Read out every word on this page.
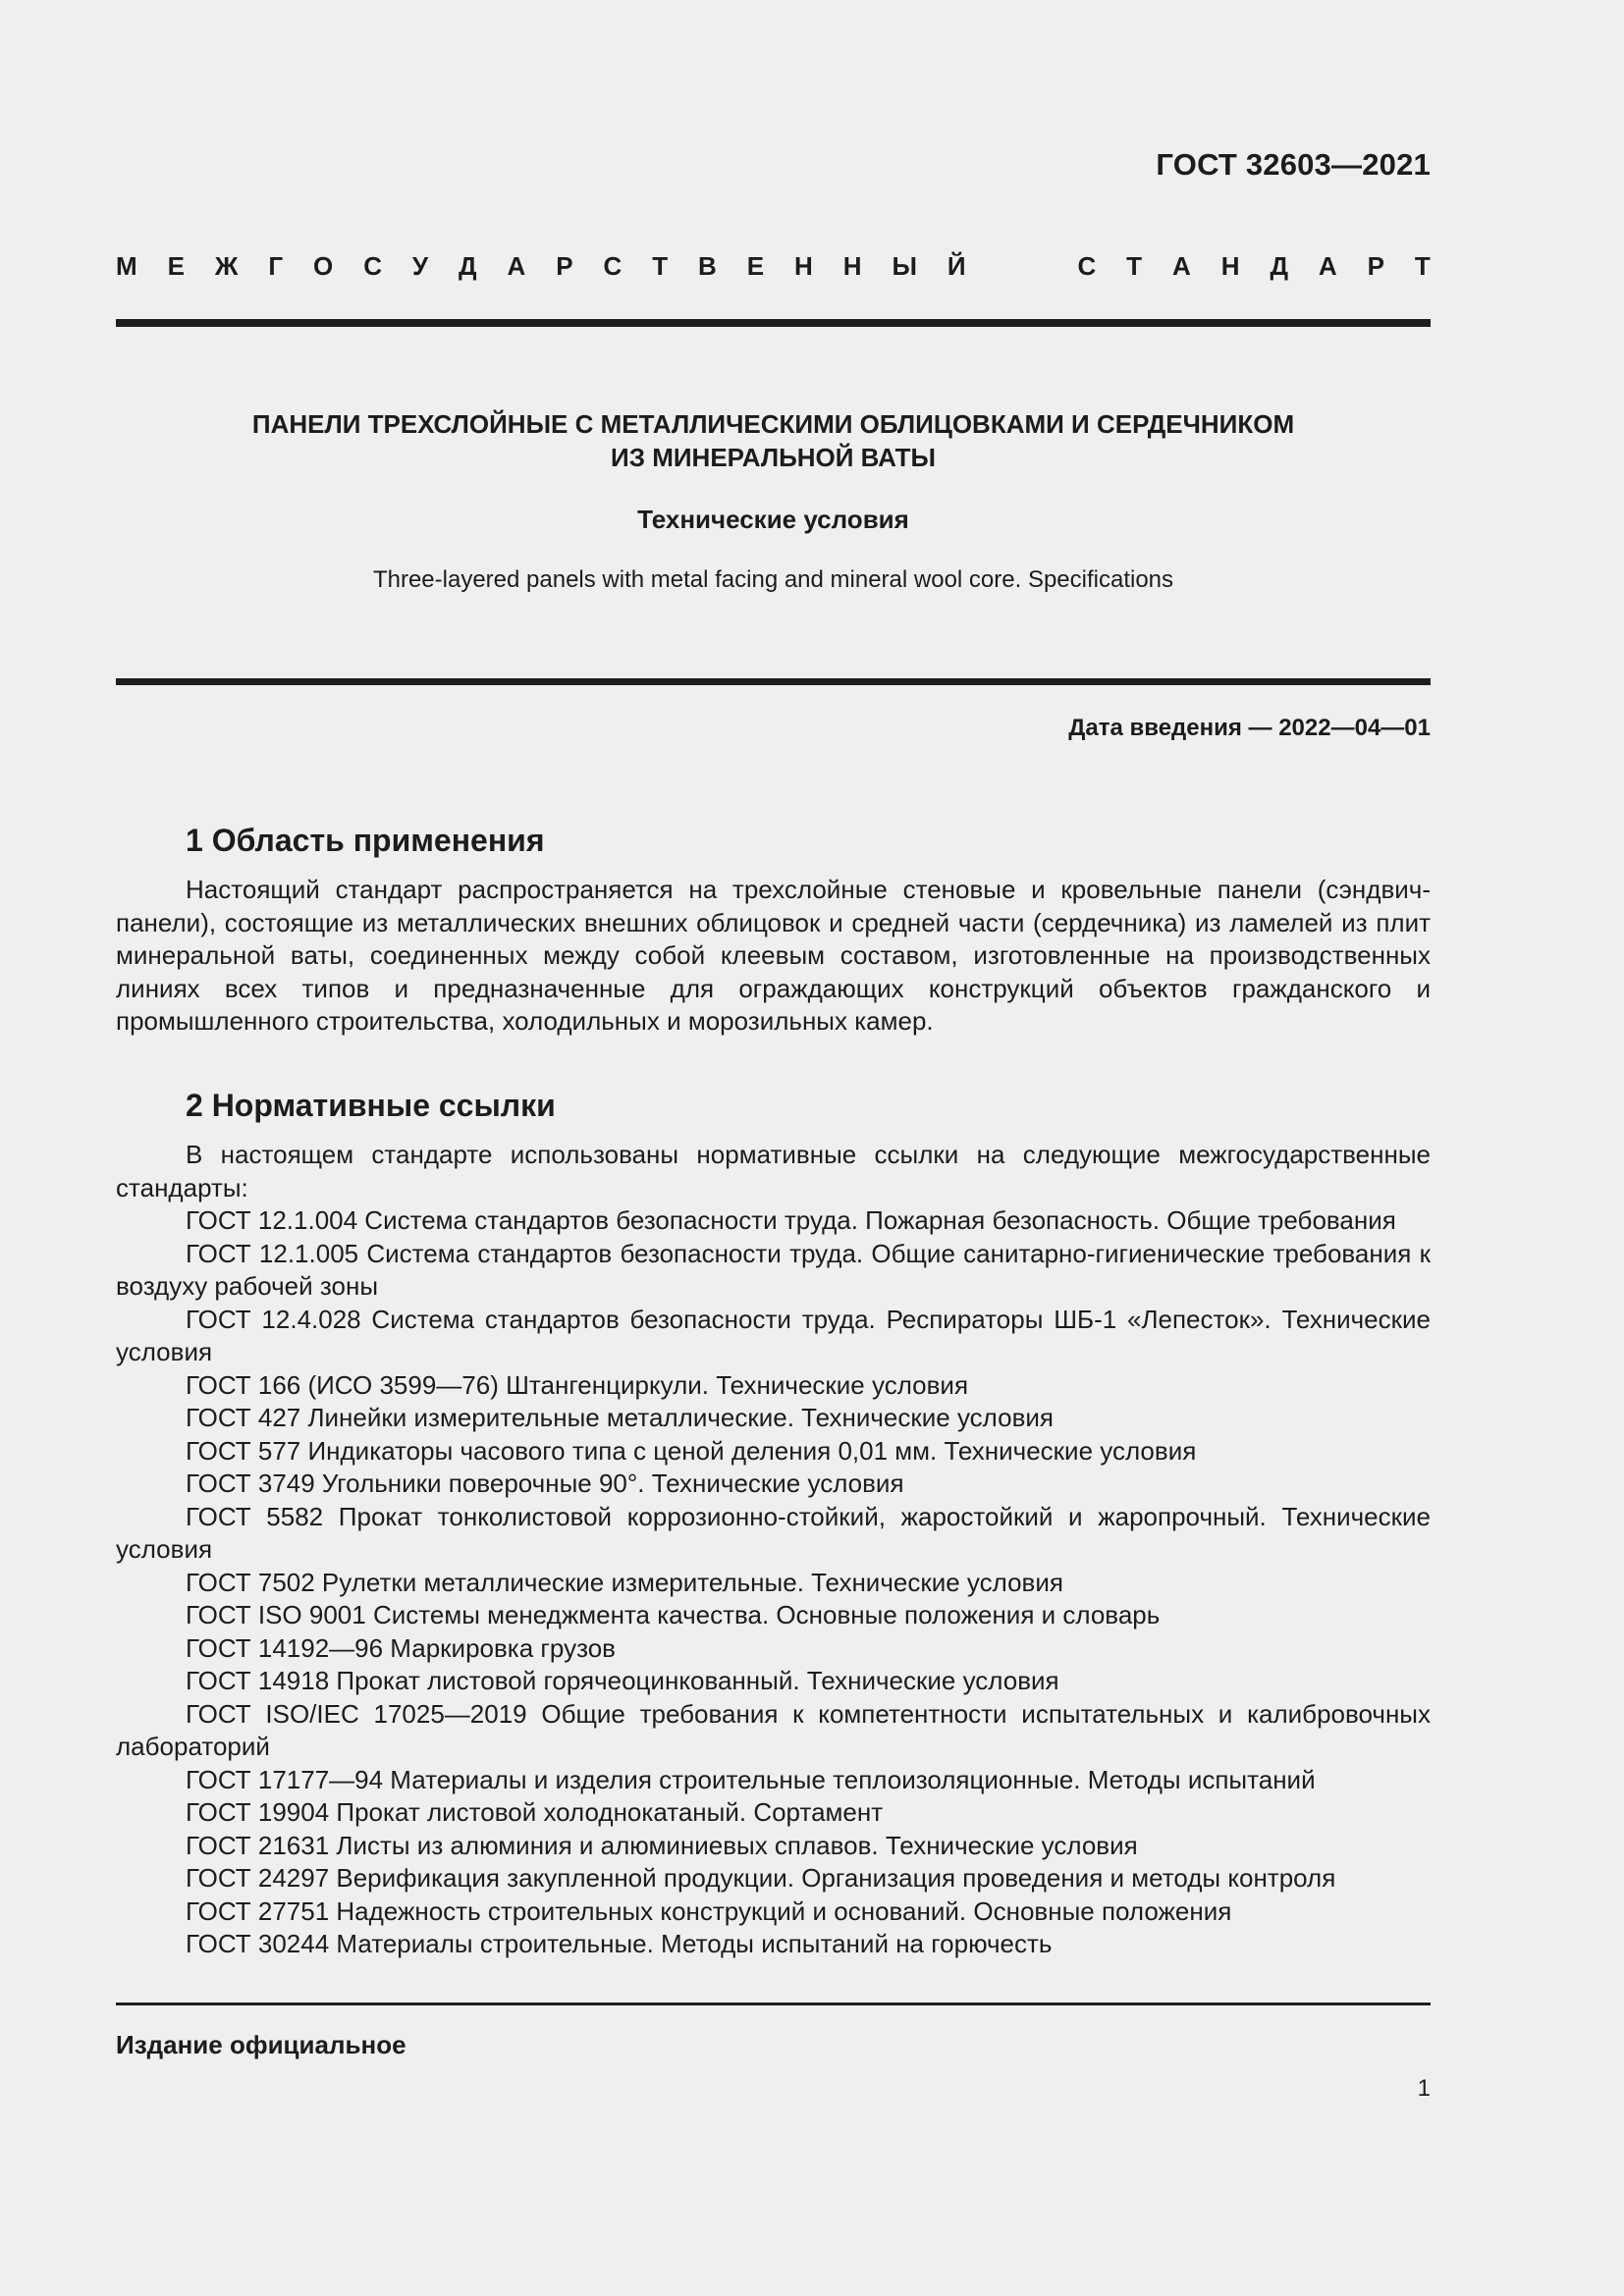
ГОСТ 32603—2021
М Е Ж Г О С У Д А Р С Т В Е Н Н Ы Й	С Т А Н Д А Р Т
ПАНЕЛИ ТРЕХСЛОЙНЫЕ С МЕТАЛЛИЧЕСКИМИ ОБЛИЦОВКАМИ И СЕРДЕЧНИКОМ
ИЗ МИНЕРАЛЬНОЙ ВАТЫ
Технические условия
Three-layered panels with metal facing and mineral wool core. Specifications
Дата введения — 2022—04—01
1 Область применения

Настоящий стандарт распространяется на трехслойные стеновые и кровельные панели (сэндвич-панели), состоящие из металлических внешних облицовок и средней части (сердечника) из ламелей из плит минеральной ваты, соединенных между собой клеевым составом, изготовленные на производственных линиях всех типов и предназначенные для ограждающих конструкций объектов гражданского и промышленного строительства, холодильных и морозильных камер.

2 Нормативные ссылки

В настоящем стандарте использованы нормативные ссылки на следующие межгосударственные стандарты:

ГОСТ 12.1.004 Система стандартов безопасности труда. Пожарная безопасность. Общие требования
ГОСТ 12.1.005 Система стандартов безопасности труда. Общие санитарно-гигиенические требования к воздуху рабочей зоны
ГОСТ 12.4.028 Система стандартов безопасности труда. Респираторы ШБ-1 «Лепесток». Технические условия
ГОСТ 166 (ИСО 3599—76) Штангенциркули. Технические условия
ГОСТ 427 Линейки измерительные металлические. Технические условия
ГОСТ 577 Индикаторы часового типа с ценой деления 0,01 мм. Технические условия
ГОСТ 3749 Угольники поверочные 90°. Технические условия
ГОСТ 5582 Прокат тонколистовой коррозионно-стойкий, жаростойкий и жаропрочный. Технические условия
ГОСТ 7502 Рулетки металлические измерительные. Технические условия
ГОСТ ISO 9001 Системы менеджмента качества. Основные положения и словарь
ГОСТ 14192—96 Маркировка грузов
ГОСТ 14918 Прокат листовой горячеоцинкованный. Технические условия
ГОСТ ISO/IEC 17025—2019 Общие требования к компетентности испытательных и калибровочных лабораторий
ГОСТ 17177—94 Материалы и изделия строительные теплоизоляционные. Методы испытаний
ГОСТ 19904 Прокат листовой холоднокатаный. Сортамент
ГОСТ 21631 Листы из алюминия и алюминиевых сплавов. Технические условия
ГОСТ 24297 Верификация закупленной продукции. Организация проведения и методы контроля
ГОСТ 27751 Надежность строительных конструкций и оснований. Основные положения
ГОСТ 30244 Материалы строительные. Методы испытаний на горючесть
Издание официальное
1
